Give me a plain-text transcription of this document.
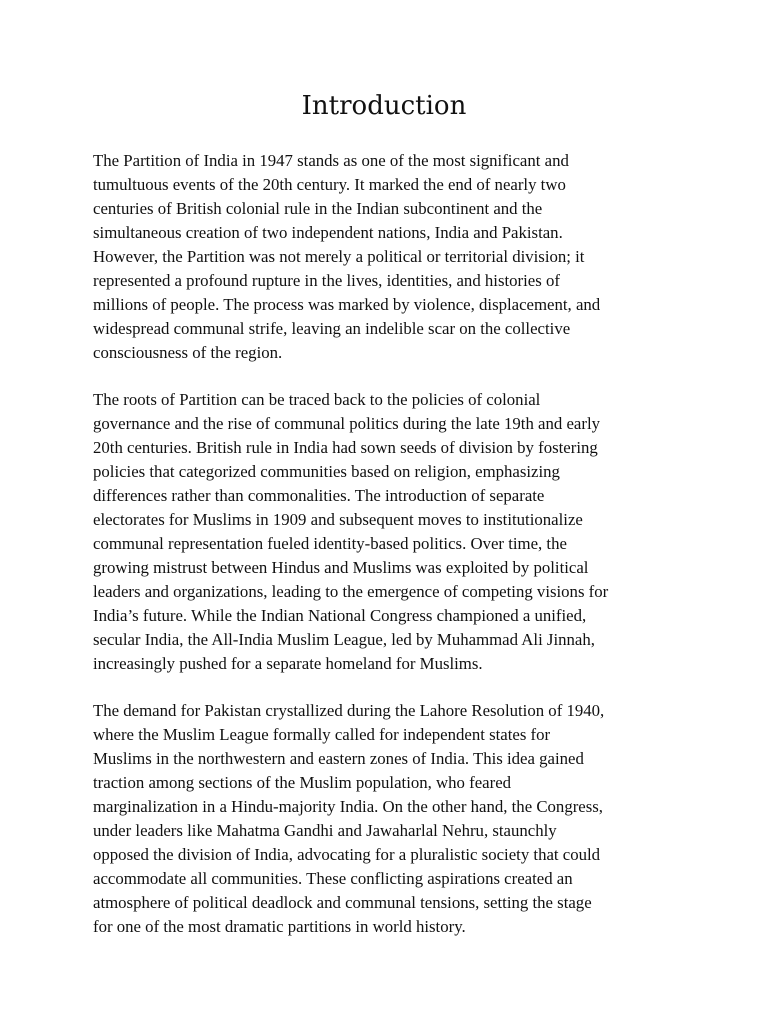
Introduction

The Partition of India in 1947 stands as one of the most significant and
tumultuous events of the 20th century. It marked the end of nearly two
centuries of British colonial rule in the Indian subcontinent and the
simultaneous creation of two independent nations, India and Pakistan.
However, the Partition was not merely a political or territorial division; it
represented a profound rupture in the lives, identities, and histories of
millions of people. The process was marked by violence, displacement, and
widespread communal strife, leaving an indelible scar on the collective
consciousness of the region.

The roots of Partition can be traced back to the policies of colonial
governance and the rise of communal politics during the late 19th and early
20th centuries. British rule in India had sown seeds of division by fostering
policies that categorized communities based on religion, emphasizing
differences rather than commonalities. The introduction of separate
electorates for Muslims in 1909 and subsequent moves to institutionalize
communal representation fueled identity-based politics. Over time, the
growing mistrust between Hindus and Muslims was exploited by political
leaders and organizations, leading to the emergence of competing visions for
India’s future. While the Indian National Congress championed a unified,
secular India, the All-India Muslim League, led by Muhammad Ali Jinnah,
increasingly pushed for a separate homeland for Muslims.

The demand for Pakistan crystallized during the Lahore Resolution of 1940,
where the Muslim League formally called for independent states for
Muslims in the northwestern and eastern zones of India. This idea gained
traction among sections of the Muslim population, who feared
marginalization in a Hindu-majority India. On the other hand, the Congress,
under leaders like Mahatma Gandhi and Jawaharlal Nehru, staunchly
opposed the division of India, advocating for a pluralistic society that could
accommodate all communities. These conflicting aspirations created an
atmosphere of political deadlock and communal tensions, setting the stage
for one of the most dramatic partitions in world history.
